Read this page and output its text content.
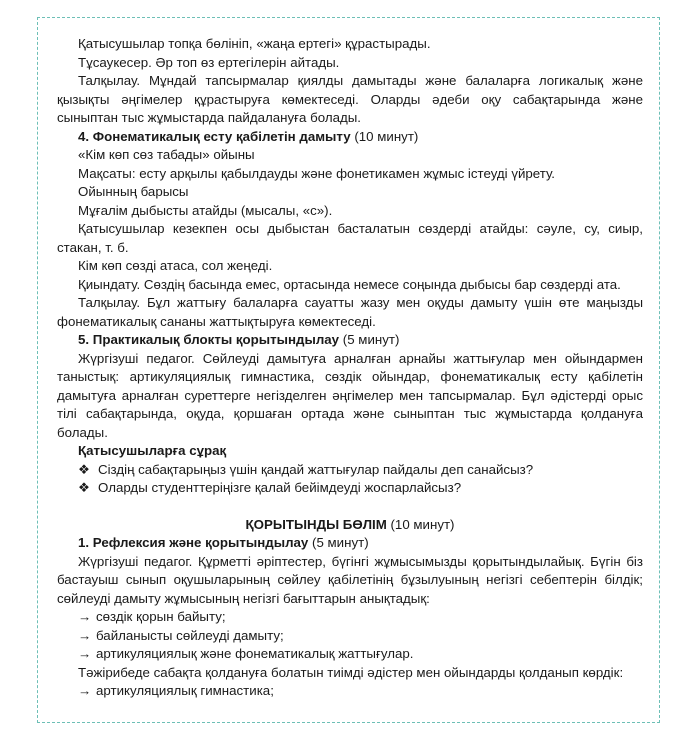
Қатысушылар топқа бөлініп, «жаңа ертегі» құрастырады.

Тұсаукесер. Әр топ өз ертегілерін айтады.

Талқылау. Мұндай тапсырмалар қиялды дамытады және балаларға логикалық және қызықты әңгімелер құрастыруға көмектеседі. Оларды әдеби оқу сабақтарында және сыныптан тыс жұмыстарда пайдалануға болады.

4. Фонематикалық есту қабілетін дамыту (10 минут)

«Кім көп сөз табады» ойыны

Мақсаты: есту арқылы қабылдауды және фонетикамен жұмыс істеуді үйрету.

Ойынның барысы

Мұғалім дыбысты атайды (мысалы, «с»).

Қатысушылар кезекпен осы дыбыстан басталатын сөздерді атайды: сәуле, су, сиыр, стакан, т. б.

Кім көп сөзді атаса, сол жеңеді.

Қиындату. Сөздің басында емес, ортасында немесе соңында дыбысы бар сөздерді ата.

Талқылау. Бұл жаттығу балаларға сауатты жазу мен оқуды дамыту үшін өте маңызды фонематикалық сананы жаттықтыруға көмектеседі.

5. Практикалық блокты қорытындылау (5 минут)

Жүргізуші педагог. Сөйлеуді дамытуға арналған арнайы жаттығулар мен ойындармен таныстық: артикуляциялық гимнастика, сөздік ойындар, фонематикалық есту қабілетін дамытуға арналған суреттерге негізделген әңгімелер мен тапсырмалар. Бұл әдістерді орыс тілі сабақтарында, оқуда, қоршаған ортада және сыныптан тыс жұмыстарда қолдануға болады.

Қатысушыларға сұрақ

❖ Сіздің сабақтарыңыз үшін қандай жаттығулар пайдалы деп санайсыз?

❖ Оларды студенттеріңізге қалай бейімдеуді жоспарлайсыз?

ҚОРЫТЫНДЫ БӨЛІМ (10 минут)

1. Рефлексия және қорытындылау (5 минут)

Жүргізуші педагог. Құрметті әріптестер, бүгінгі жұмысымызды қорытындылайық. Бүгін біз бастауыш сынып оқушыларының сөйлеу қабілетінің бұзылуының негізгі себептерін білдік; сөйлеуді дамыту жұмысының негізгі бағыттарын анықтадық:

→ сөздік қорын байыту;

→ байланысты сөйлеуді дамыту;

→ артикуляциялық және фонематикалық жаттығулар.

Тәжірибеде сабақта қолдануға болатын тиімді әдістер мен ойындарды қолданып көрдік:

→ артикуляциялық гимнастика;
